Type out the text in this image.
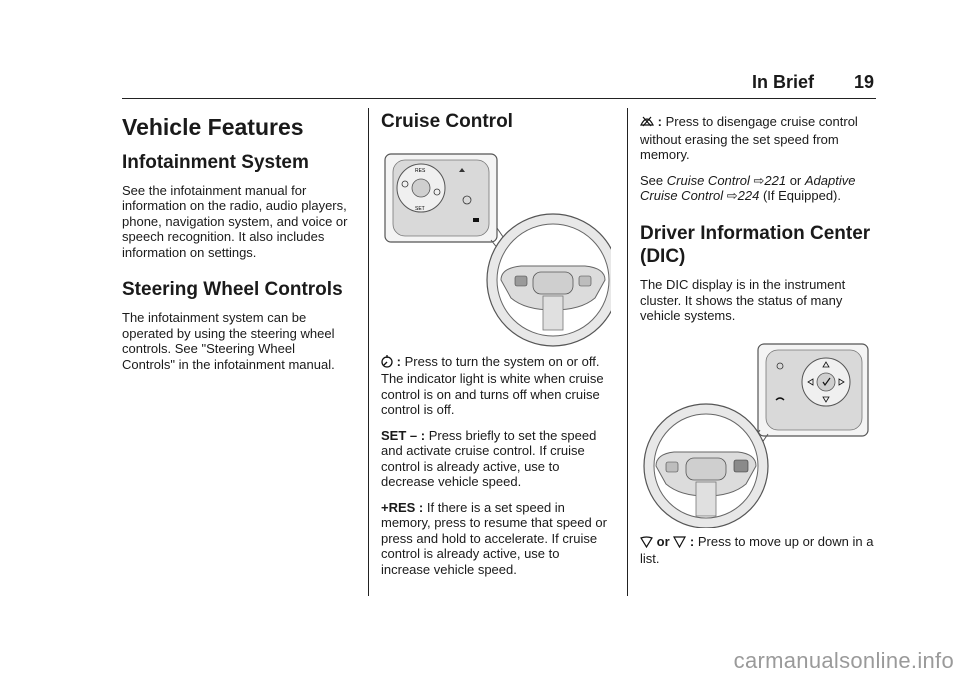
In Brief 19
Vehicle Features
Infotainment System

See the infotainment manual for information on the radio, audio players, phone, navigation system, and voice or speech recognition. It also includes information on settings.

Steering Wheel Controls

The infotainment system can be operated by using the steering wheel controls. See "Steering Wheel Controls" in the infotainment manual.

Cruise Control
RES
SET

: Press to turn the system on or off. The indicator light is white when cruise control is on and turns off when cruise control is off.

SET – : Press briefly to set the speed and activate cruise control. If cruise control is already active, use to decrease vehicle speed.

+RES : If there is a set speed in memory, press to resume that speed or press and hold to accelerate. If cruise control is already active, use to increase vehicle speed.

: Press to disengage cruise control without erasing the set speed from memory.

See Cruise Control ⇨221 or Adaptive Cruise Control ⇨224 (If Equipped).

Driver Information Center (DIC)

The DIC display is in the instrument cluster. It shows the status of many vehicle systems.

or : Press to move up or down in a list.

carmanualsonline.info
